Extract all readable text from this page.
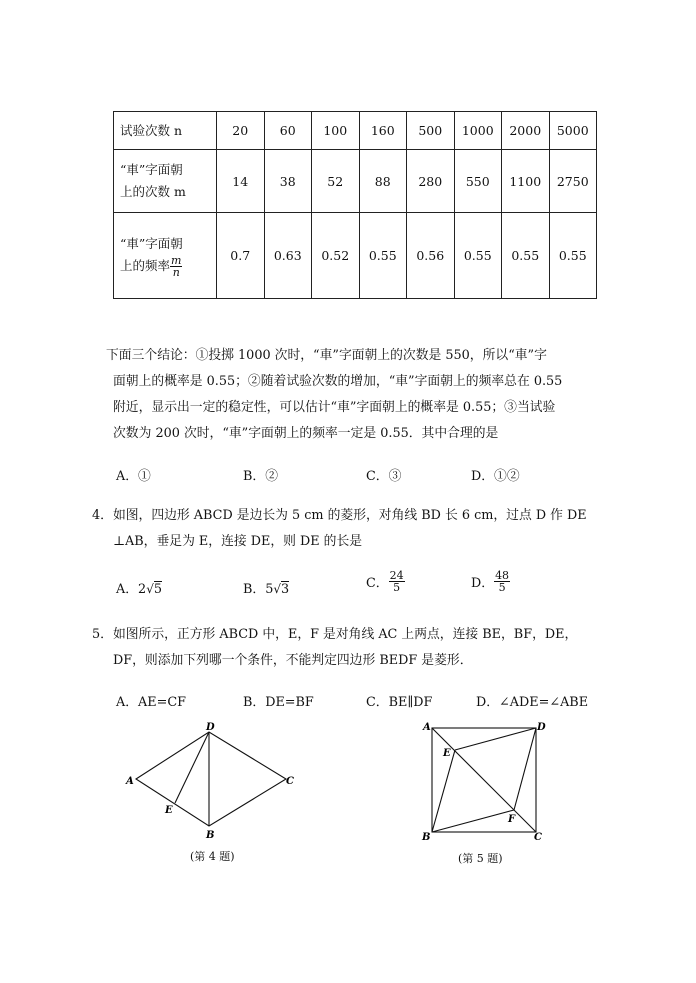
试验次数 n	20	60	100	160	500	1000	2000	5000

“車”字面朝
上的次数 m	14	38	52	88	280	550	1100	2750

“車”字面朝
上的频率 $\frac{m}{n}$	0.7	0.63	0.52	0.55	0.56	0.55	0.55	0.55
下面三个结论：①投掷 1000 次时，“車”字面朝上的次数是 550，所以“車”字
面朝上的概率是 0.55；②随着试验次数的增加，“車”字面朝上的频率总在 0.55
附近，显示出一定的稳定性，可以估计“車”字面朝上的概率是 0.55；③当试验
次数为 200 次时，“車”字面朝上的频率一定是 0.55．其中合理的是
A．①	B．②	C．③	D．①②
4．如图，四边形 ABCD 是边长为 5 cm 的菱形，对角线 BD 长 6 cm，过点 D 作 DE
⊥AB，垂足为 E，连接 DE，则 DE 的长是
A．2√5	B．5√3	C． $\frac{24}{5}$	D． $\frac{48}{5}$
5．如图所示，正方形 ABCD 中，E，F 是对角线 AC 上两点，连接 BE，BF，DE，
DF，则添加下列哪一个条件，不能判定四边形 BEDF 是菱形．
A．AE=CF	B．DE=BF	C．BE∥DF	D．∠ADE=∠ABE
A
D
C
B
E
(第 4 题)
A	D
B	C
E
F
(第 5 题)
